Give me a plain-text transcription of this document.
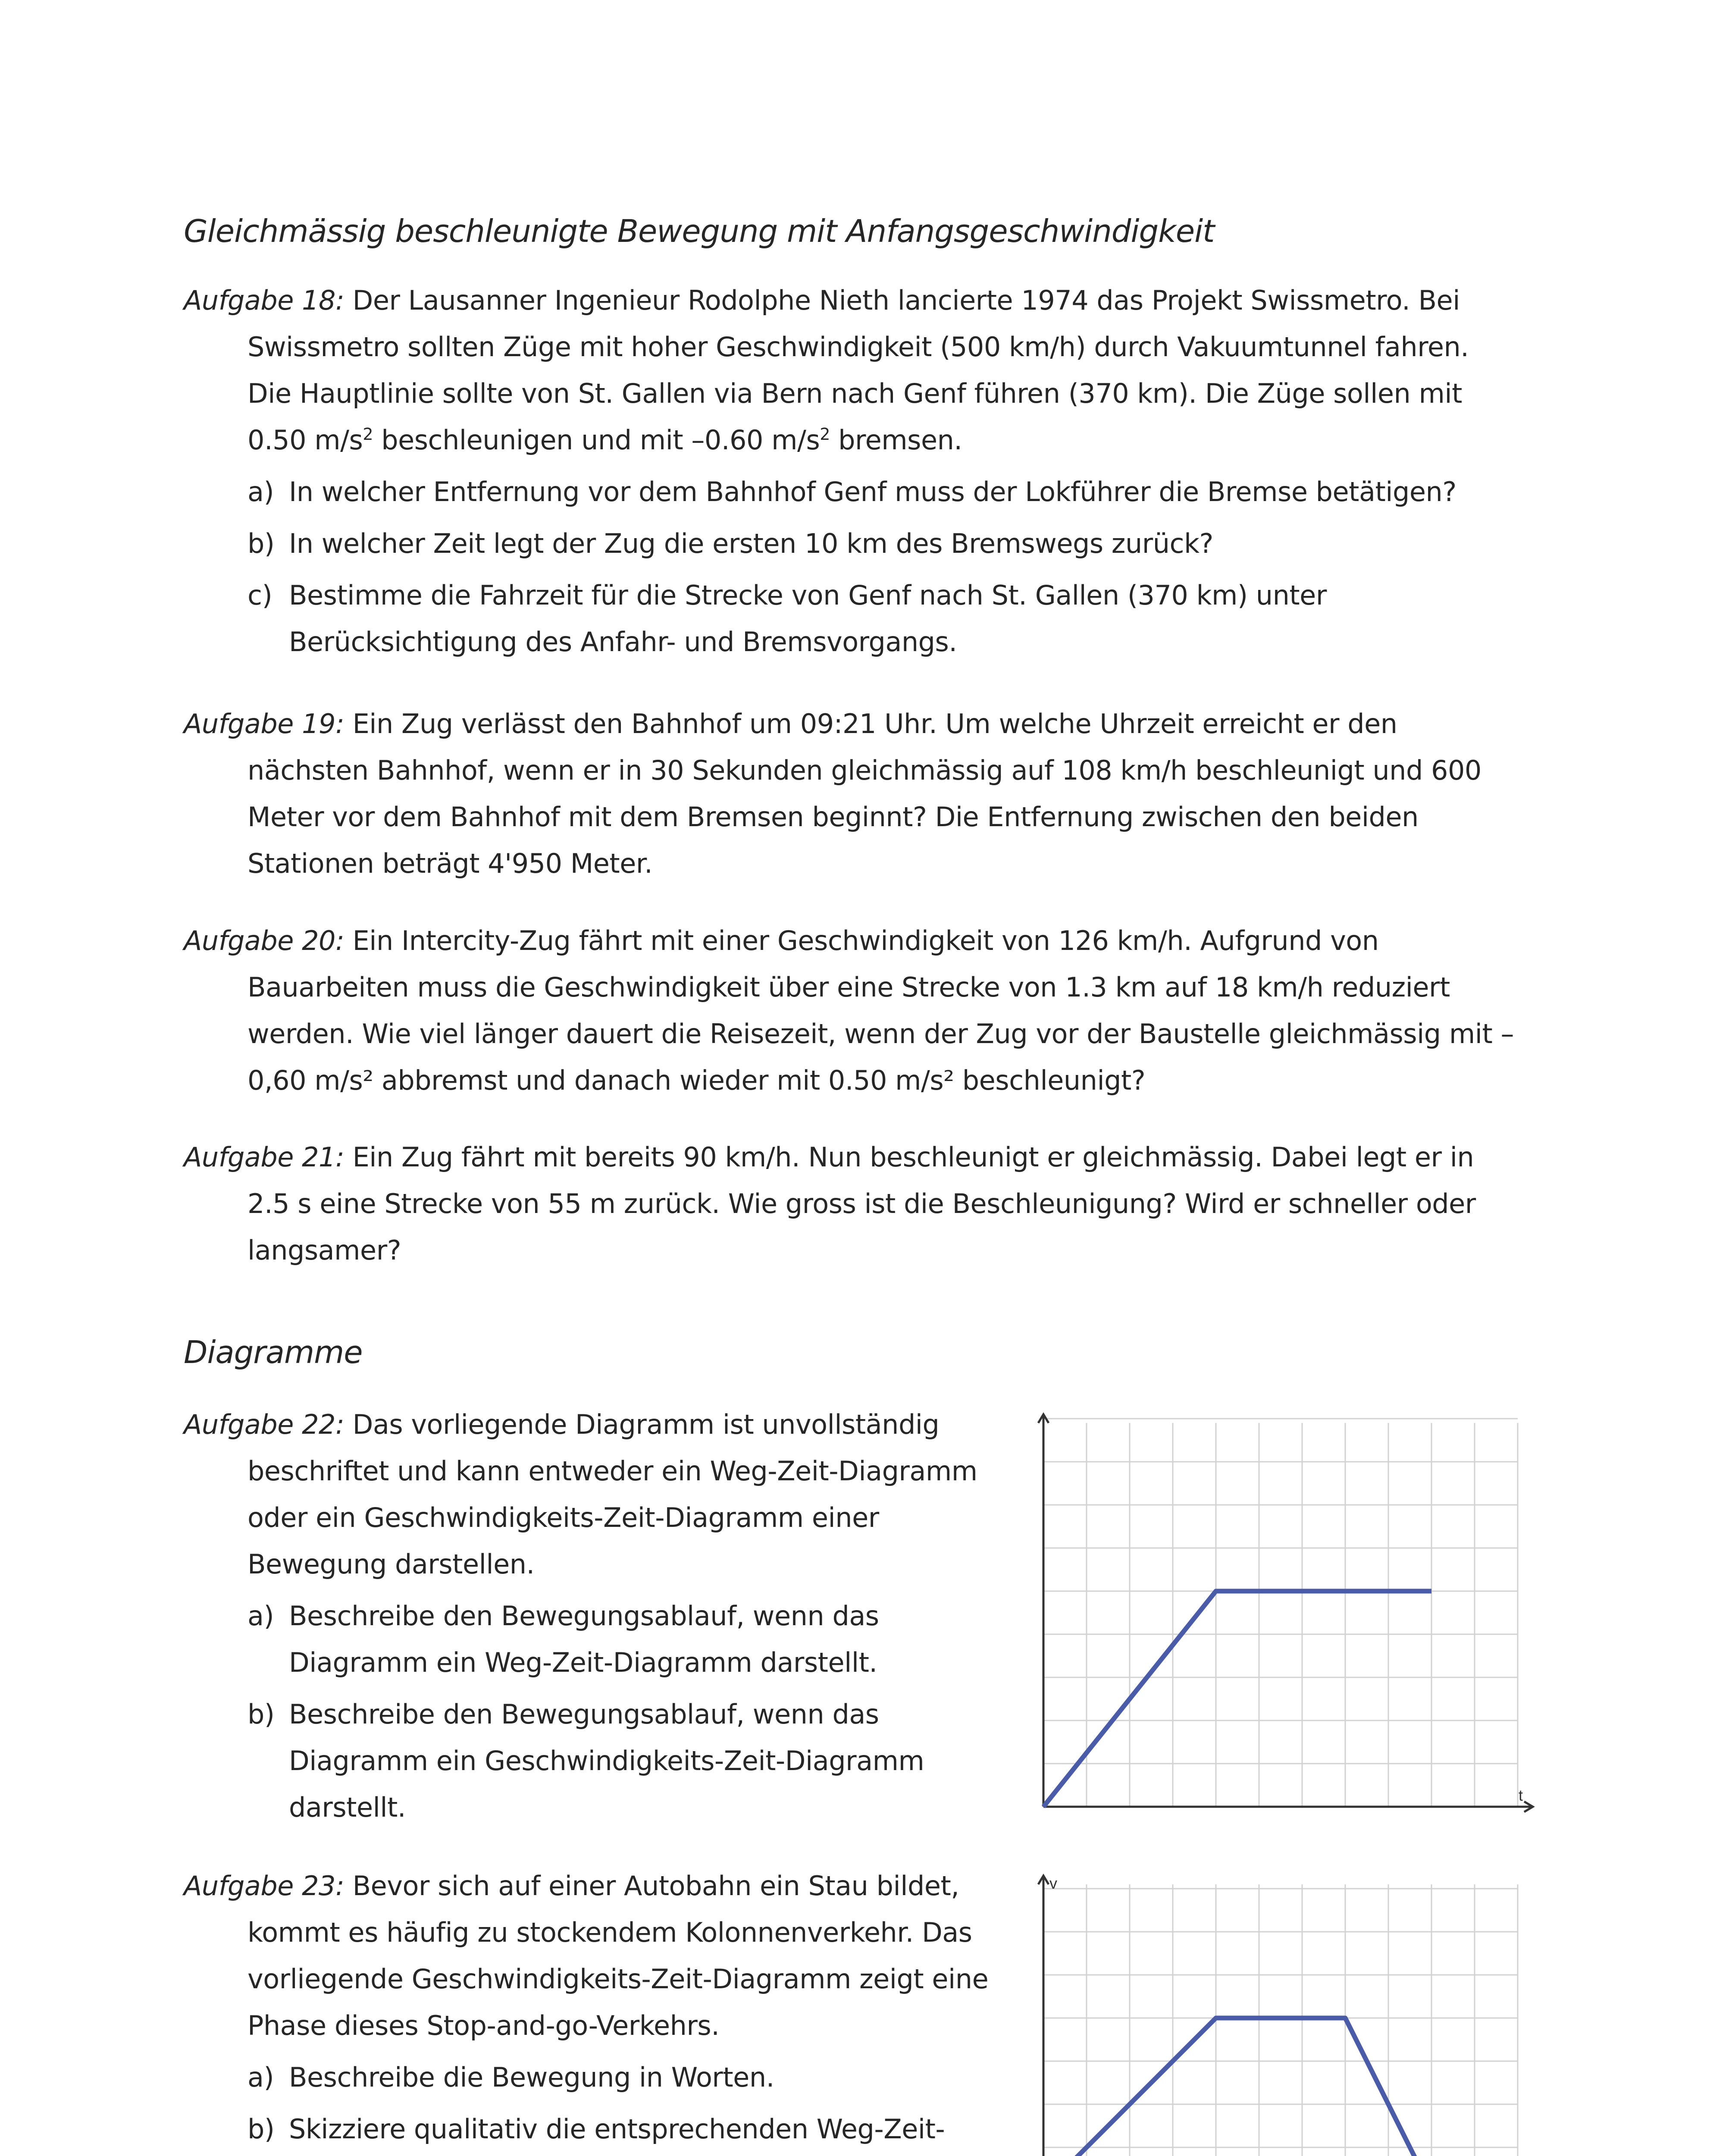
Gleichmässig beschleunigte Bewegung mit Anfangsgeschwindigkeit

Aufgabe 18: Der Lausanner Ingenieur Rodolphe Nieth lancierte 1974 das Projekt Swissmetro. Bei

Swissmetro sollten Züge mit hoher Geschwindigkeit (500 km/h) durch Vakuumtunnel fahren. Die Hauptlinie sollte von St. Gallen via Bern nach Genf führen (370 km). Die Züge sollen mit 0.50 $m/s^2$ beschleunigen und mit –0.60 $m/s^2$ bremsen.

a) In welcher Entfernung vor dem Bahnhof Genf muss der Lokführer die Bremse betätigen?
b) In welcher Zeit legt der Zug die ersten 10 km des Bremswegs zurück?
c) Bestimme die Fahrzeit für die Strecke von Genf nach St. Gallen (370 km) unter Berücksichtigung des Anfahr- und Bremsvorgangs.

Aufgabe 19: Ein Zug verlässt den Bahnhof um 09:21 Uhr. Um welche Uhrzeit erreicht er den

nächsten Bahnhof, wenn er in 30 Sekunden gleichmässig auf 108 km/h beschleunigt und 600 Meter vor dem Bahnhof mit dem Bremsen beginnt? Die Entfernung zwischen den beiden Stationen beträgt 4'950 Meter.

Aufgabe 20: Ein Intercity-Zug fährt mit einer Geschwindigkeit von 126 km/h. Aufgrund von

Bauarbeiten muss die Geschwindigkeit über eine Strecke von 1.3 km auf 18 km/h reduziert werden. Wie viel länger dauert die Reisezeit, wenn der Zug vor der Baustelle gleichmässig mit –0,60 m/s² abbremst und danach wieder mit 0.50 m/s² beschleunigt?

Aufgabe 21: Ein Zug fährt mit bereits 90 km/h. Nun beschleunigt er gleichmässig. Dabei legt er in

2.5 s eine Strecke von 55 m zurück. Wie gross ist die Beschleunigung? Wird er schneller oder langsamer?

Diagramme

Aufgabe 22: Das vorliegende Diagramm ist unvollständig

beschriftet und kann entweder ein Weg-Zeit-Diagramm oder ein Geschwindigkeits-Zeit-Diagramm einer Bewegung darstellen.

a) Beschreibe den Bewegungsablauf, wenn das Diagramm ein Weg-Zeit-Diagramm darstellt.
b) Beschreibe den Bewegungsablauf, wenn das Diagramm ein Geschwindigkeits-Zeit-Diagramm darstellt.

Aufgabe 23: Bevor sich auf einer Autobahn ein Stau bildet,

kommt es häufig zu stockendem Kolonnenverkehr. Das vorliegende Geschwindigkeits-Zeit-Diagramm zeigt eine Phase dieses Stop-and-go-Verkehrs.

a) Beschreibe die Bewegung in Worten.
b) Skizziere qualitativ die entsprechenden Weg-Zeit-
t
v
